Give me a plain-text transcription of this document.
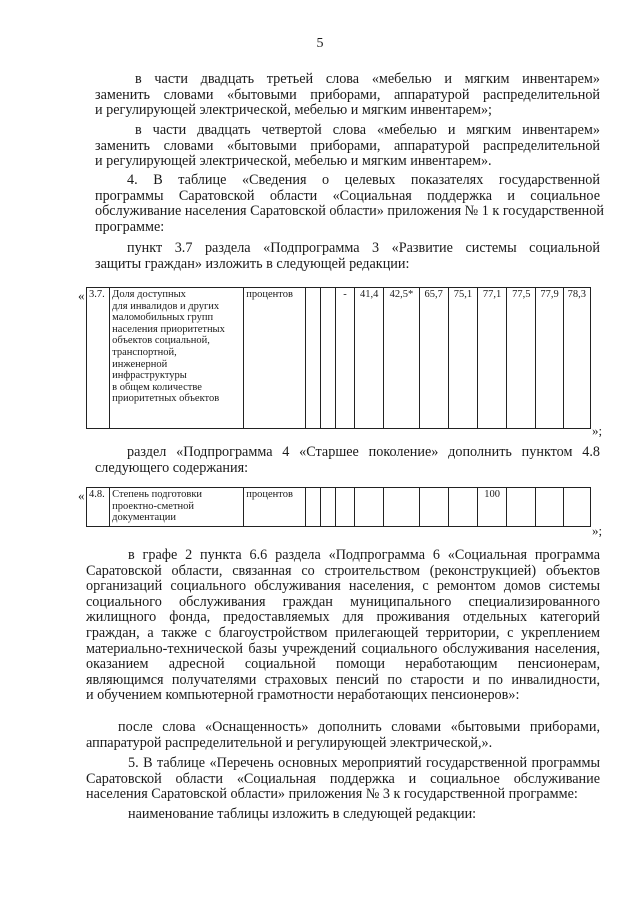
5
в части двадцать третьей слова «мебелью и мягким инвентарем»
заменить словами «бытовыми приборами, аппаратурой распределительной
и регулирующей электрической, мебелью и мягким инвентарем»;
в части двадцать четвертой слова «мебелью и мягким инвентарем»
заменить словами «бытовыми приборами, аппаратурой распределительной
и регулирующей электрической, мебелью и мягким инвентарем».
4. В таблице «Сведения о целевых показателях государственной
программы Саратовской области «Социальная поддержка и социальное
обслуживание населения Саратовской области» приложения № 1 к государственной
программе:
пункт 3.7 раздела «Подпрограмма 3 «Развитие системы социальной
защиты граждан» изложить в следующей редакции:
« 3.7.	Доля доступных
для инвалидов и других
маломобильных групп
населения приоритетных
объектов социальной,
транспортной,
инженерной
инфраструктуры
в общем количестве
приоритетных объектов
	процентов			-	41,4	42,5*	65,7	75,1	77,1	77,5	77,9	78,3
»;
раздел «Подпрограмма 4 «Старшее поколение» дополнить пунктом 4.8
следующего содержания:
« 4.8.	Степень подготовки
проектно-сметной
документации
	процентов								100			
»;
в графе 2 пункта 6.6 раздела «Подпрограмма 6 «Социальная программа
Саратовской области, связанная со строительством (реконструкцией) объектов
организаций социального обслуживания населения, с ремонтом домов системы
социального обслуживания граждан муниципального специализированного
жилищного фонда, предоставляемых для проживания отдельных категорий
граждан, а также с благоустройством прилегающей территории, с укреплением
материально-технической базы учреждений социального обслуживания населения,
оказанием адресной социальной помощи неработающим пенсионерам,
являющимся получателями страховых пенсий по старости и по инвалидности,
и обучением компьютерной грамотности неработающих пенсионеров»:
после слова «Оснащенность» дополнить словами «бытовыми приборами,
аппаратурой распределительной и регулирующей электрической,».
5. В таблице «Перечень основных мероприятий государственной программы
Саратовской области «Социальная поддержка и социальное обслуживание
населения Саратовской области» приложения № 3 к государственной программе:
наименование таблицы изложить в следующей редакции:
